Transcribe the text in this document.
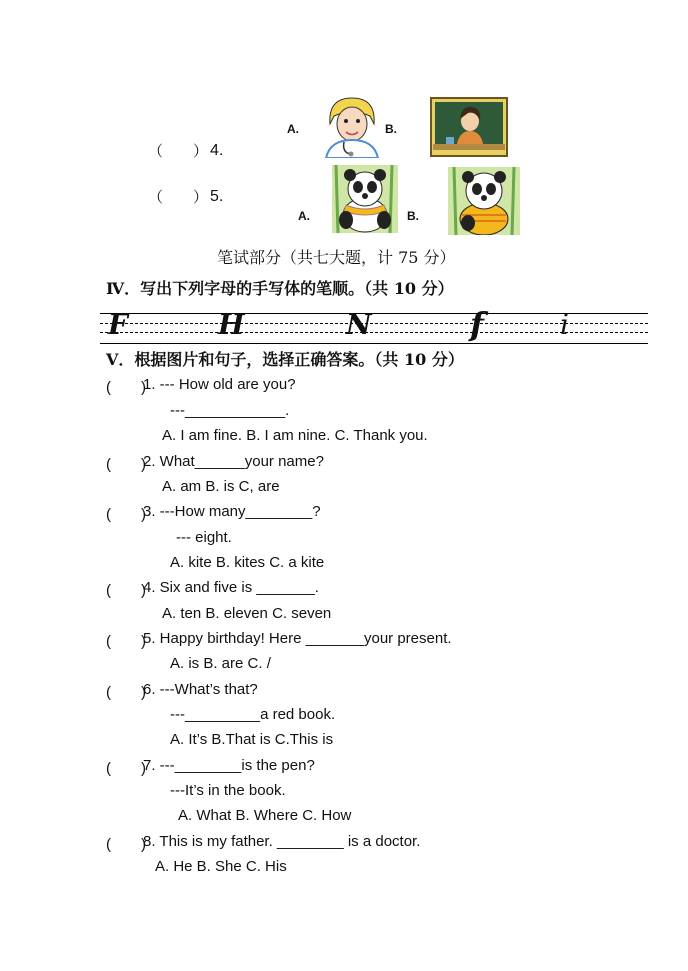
（　　） 4.
A.	B.
（　　） 5.
A.	B.
笔试部分（共七大题，计 75 分）
Ⅳ．写出下列字母的手写体的笔顺。（共 10 分）
F	H	N	f	i
Ⅴ．根据图片和句子，选择正确答案。（共 10 分）
(　　)
1. --- How old are you?
---____________.
A. I am fine. B. I am nine. C. Thank you.
(　　)
2. What______your name?
A. am B. is C, are
(　　)
3. ---How many________?
--- eight.
A. kite B. kites C. a kite
(　　)
4. Six and five is _______.
A. ten B. eleven C. seven
(　　)
5. Happy birthday! Here _______your present.
A. is B. are C. /
(　　)
6. ---What’s that?
---_________a red book.
A. It’s B.That is C.This is
(　　)
7. ---________is the pen?
---It’s in the book.
A. What B. Where C. How
(　　)
8. This is my father. ________ is a doctor.
A. He B. She C. His
